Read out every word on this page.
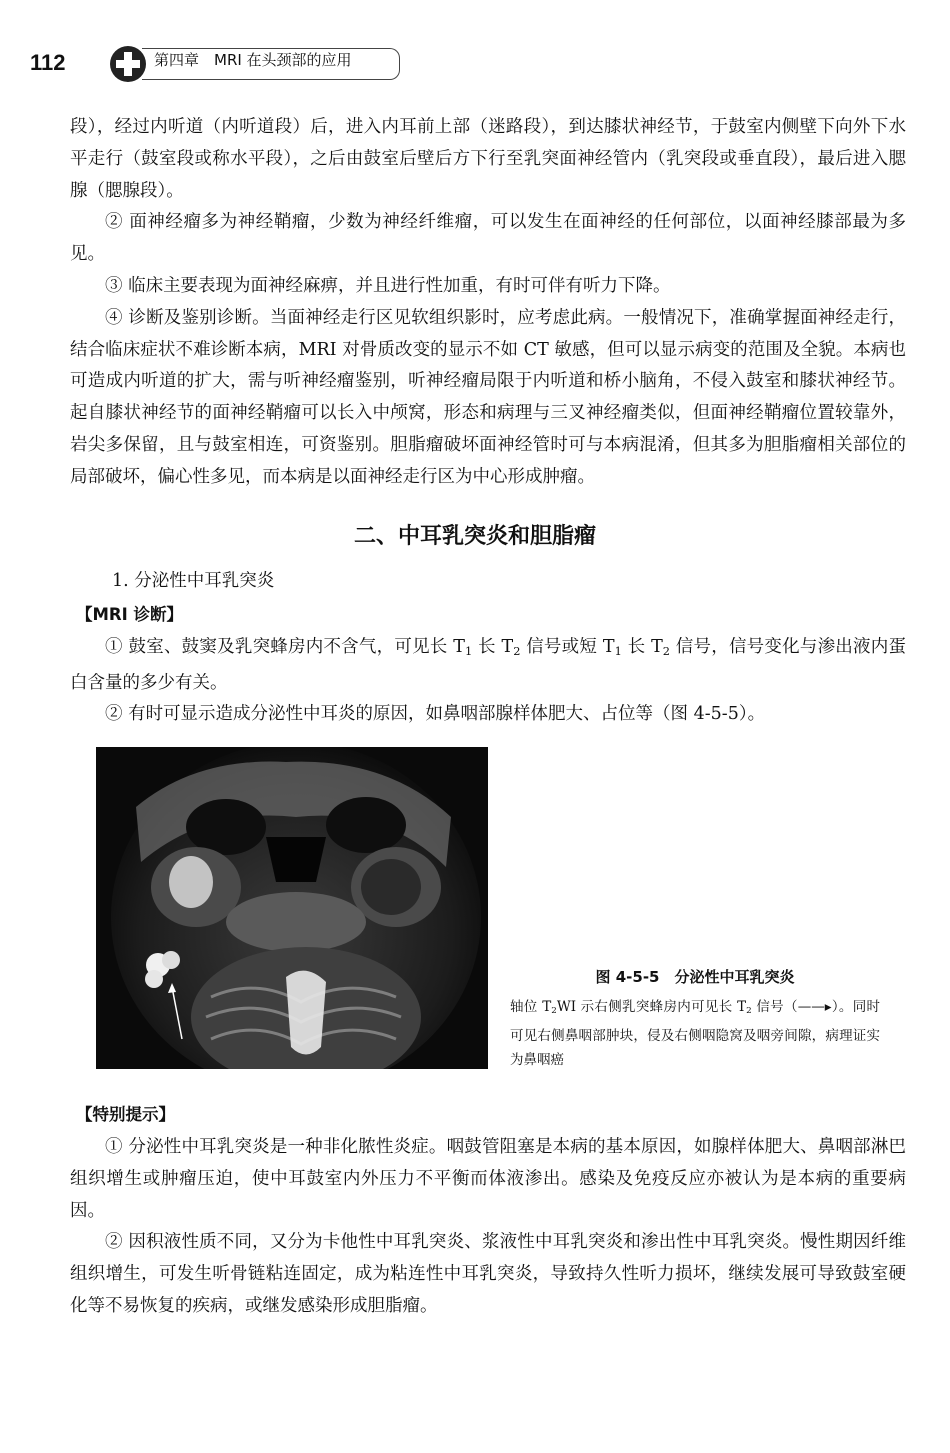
112	第四章　MRI 在头颈部的应用

段），经过内听道（内听道段）后，进入内耳前上部（迷路段），到达膝状神经节，于鼓室内侧壁下向外下水平走行（鼓室段或称水平段），之后由鼓室后壁后方下行至乳突面神经管内（乳突段或垂直段），最后进入腮腺（腮腺段）。

② 面神经瘤多为神经鞘瘤，少数为神经纤维瘤，可以发生在面神经的任何部位，以面神经膝部最为多见。

③ 临床主要表现为面神经麻痹，并且进行性加重，有时可伴有听力下降。

④ 诊断及鉴别诊断。当面神经走行区见软组织影时，应考虑此病。一般情况下，准确掌握面神经走行，结合临床症状不难诊断本病，MRI 对骨质改变的显示不如 CT 敏感，但可以显示病变的范围及全貌。本病也可造成内听道的扩大，需与听神经瘤鉴别，听神经瘤局限于内听道和桥小脑角，不侵入鼓室和膝状神经节。起自膝状神经节的面神经鞘瘤可以长入中颅窝，形态和病理与三叉神经瘤类似，但面神经鞘瘤位置较靠外，岩尖多保留，且与鼓室相连，可资鉴别。胆脂瘤破坏面神经管时可与本病混淆，但其多为胆脂瘤相关部位的局部破坏，偏心性多见，而本病是以面神经走行区为中心形成肿瘤。

二、中耳乳突炎和胆脂瘤
1. 分泌性中耳乳突炎
【MRI 诊断】

① 鼓室、鼓窦及乳突蜂房内不含气，可见长 $T_1$ 长 $T_2$ 信号或短 $T_1$ 长 $T_2$ 信号，信号变化与渗出液内蛋白含量的多少有关。

② 有时可显示造成分泌性中耳炎的原因，如鼻咽部腺样体肥大、占位等（图 4-5-5）。

图 4-5-5　分泌性中耳乳突炎
轴位 $T_2WI$ 示右侧乳突蜂房内可见长 $T_2$ 信号（——▸）。同时可见右侧鼻咽部肿块，侵及右侧咽隐窝及咽旁间隙，病理证实为鼻咽癌
【特别提示】

① 分泌性中耳乳突炎是一种非化脓性炎症。咽鼓管阻塞是本病的基本原因，如腺样体肥大、鼻咽部淋巴组织增生或肿瘤压迫，使中耳鼓室内外压力不平衡而体液渗出。感染及免疫反应亦被认为是本病的重要病因。

② 因积液性质不同，又分为卡他性中耳乳突炎、浆液性中耳乳突炎和渗出性中耳乳突炎。慢性期因纤维组织增生，可发生听骨链粘连固定，成为粘连性中耳乳突炎，导致持久性听力损坏，继续发展可导致鼓室硬化等不易恢复的疾病，或继发感染形成胆脂瘤。
